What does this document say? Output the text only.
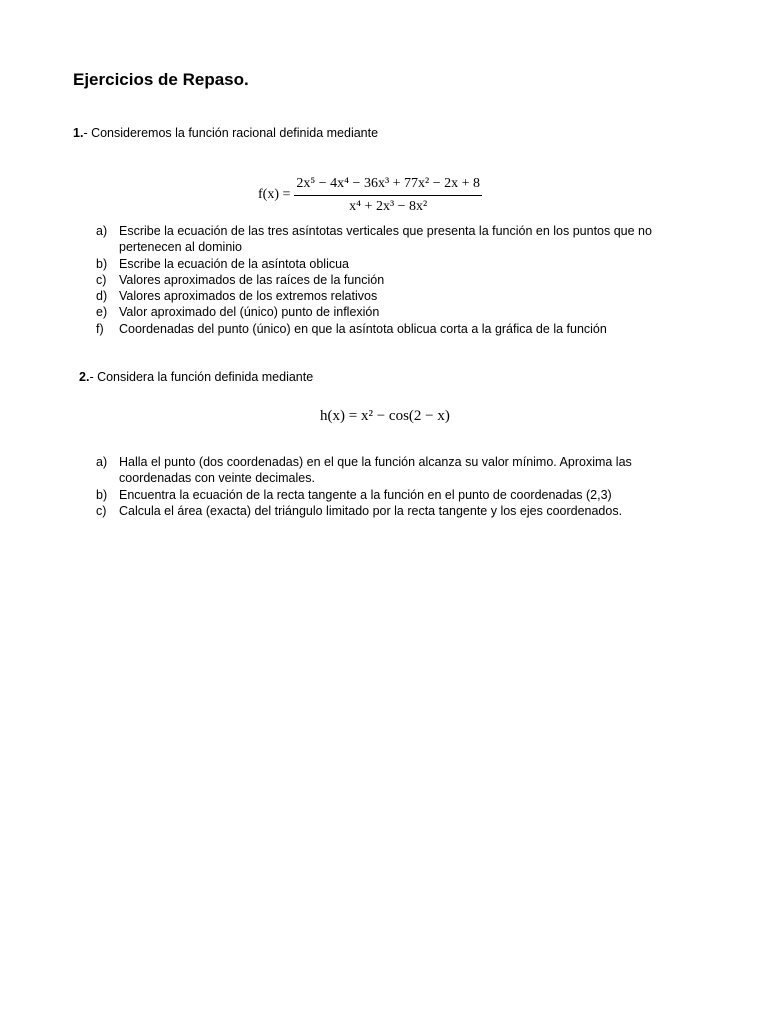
Ejercicios de Repaso.

1.- Consideremos la función racional definida mediante

$f(x) = \frac{\text{2x⁵ − 4x⁴ − 36x³ + 77x² − 2x + 8}}{\text{x⁴ + 2x³ − 8x²}}$
a) Escribe la ecuación de las tres asíntotas verticales que presenta la función en los puntos que no pertenecen al dominio
b) Escribe la ecuación de la asíntota oblicua
c)	Valores aproximados de las raíces de la función
d) Valores aproximados de los extremos relativos
e) Valor aproximado del (único) punto de inflexión
f)	Coordenadas del punto (único) en que la asíntota oblicua corta a la gráfica de la función

2.- Considera la función definida mediante

h(x) = x² − cos(2 − x)
a) Halla el punto (dos coordenadas) en el que la función alcanza su valor mínimo. Aproxima las coordenadas con veinte decimales.
b) Encuentra la ecuación de la recta tangente a la función en el punto de coordenadas (2,3)
c)	Calcula el área (exacta) del triángulo limitado por la recta tangente y los ejes coordenados.
